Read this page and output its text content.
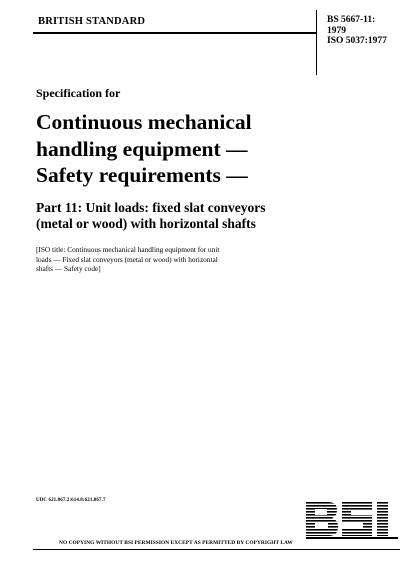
BRITISH STANDARD	BS 5667-11:
1979
ISO 5037:1977
Specification for
Continuous mechanical
handling equipment —
Safety requirements —
Part 11: Unit loads: fixed slat conveyors
(metal or wood) with horizontal shafts
[ISO title: Continuous mechanical handling equipment for unit
loads — Fixed slat conveyors (metal or wood) with horizontal
shafts — Safety code]
UDC 621.867.2:614.8:621.867.7
NO COPYING WITHOUT BSI PERMISSION EXCEPT AS PERMITTED BY COPYRIGHT LAW
